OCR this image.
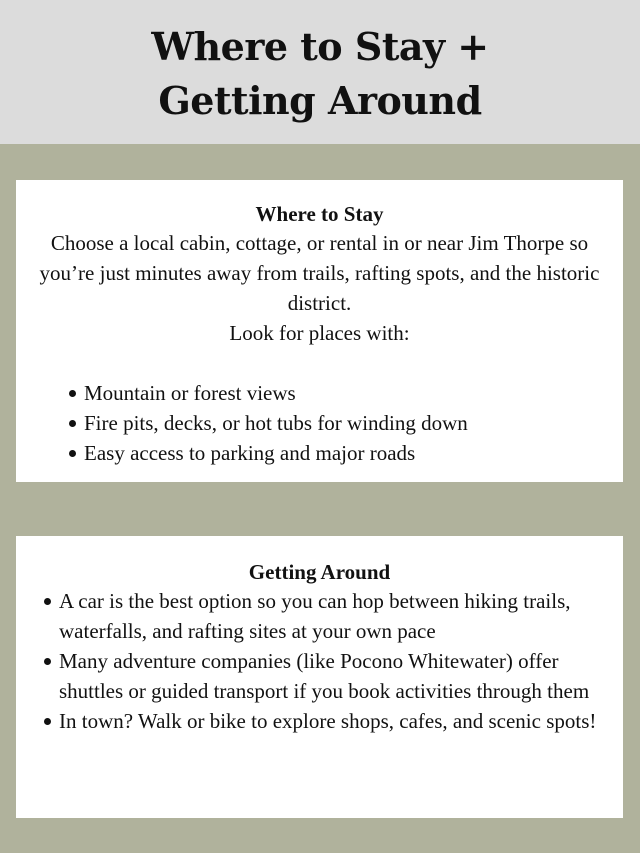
Where to Stay +
Getting Around

Where to Stay

Choose a local cabin, cottage, or rental in or near Jim Thorpe so you’re just minutes away from trails, rafting spots, and the historic district.

Look for places with:

Mountain or forest views
Fire pits, decks, or hot tubs for winding down
Easy access to parking and major roads

Getting Around

A car is the best option so you can hop between hiking trails, waterfalls, and rafting sites at your own pace
Many adventure companies (like Pocono Whitewater) offer shuttles or guided transport if you book activities through them
In town? Walk or bike to explore shops, cafes, and scenic spots!
